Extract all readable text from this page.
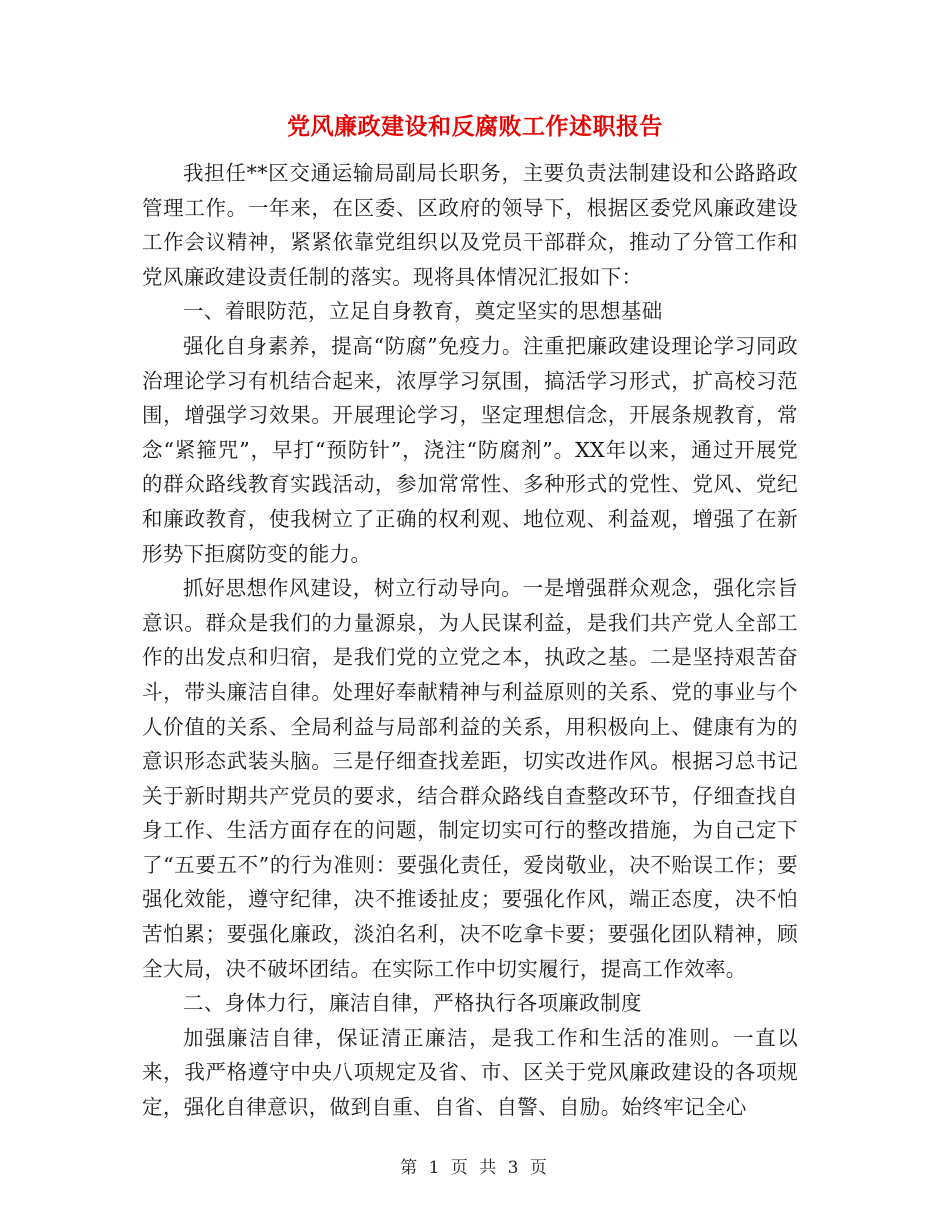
党风廉政建设和反腐败工作述职报告

我担任**区交通运输局副局长职务，主要负责法制建设和公路路政管理工作。一年来，在区委、区政府的领导下，根据区委党风廉政建设工作会议精神，紧紧依靠党组织以及党员干部群众，推动了分管工作和党风廉政建设责任制的落实。现将具体情况汇报如下：

一、着眼防范，立足自身教育，奠定坚实的思想基础

强化自身素养，提高“防腐”免疫力。注重把廉政建设理论学习同政治理论学习有机结合起来，浓厚学习氛围，搞活学习形式，扩高校习范围，增强学习效果。开展理论学习，坚定理想信念，开展条规教育，常念“紧箍咒”，早打“预防针”，浇注“防腐剂”。XX年以来，通过开展党的群众路线教育实践活动，参加常常性、多种形式的党性、党风、党纪和廉政教育，使我树立了正确的权利观、地位观、利益观，增强了在新形势下拒腐防变的能力。

抓好思想作风建设，树立行动导向。一是增强群众观念，强化宗旨意识。群众是我们的力量源泉，为人民谋利益，是我们共产党人全部工作的出发点和归宿，是我们党的立党之本，执政之基。二是坚持艰苦奋斗，带头廉洁自律。处理好奉献精神与利益原则的关系、党的事业与个人价值的关系、全局利益与局部利益的关系，用积极向上、健康有为的意识形态武装头脑。三是仔细查找差距，切实改进作风。根据习总书记关于新时期共产党员的要求，结合群众路线自查整改环节，仔细查找自身工作、生活方面存在的问题，制定切实可行的整改措施，为自己定下了“五要五不”的行为准则：要强化责任，爱岗敬业，决不贻误工作；要强化效能，遵守纪律，决不推诿扯皮；要强化作风，端正态度，决不怕苦怕累；要强化廉政，淡泊名利，决不吃拿卡要；要强化团队精神，顾全大局，决不破坏团结。在实际工作中切实履行，提高工作效率。

二、身体力行，廉洁自律，严格执行各项廉政制度

加强廉洁自律，保证清正廉洁，是我工作和生活的准则。一直以来，我严格遵守中央八项规定及省、市、区关于党风廉政建设的各项规定，强化自律意识，做到自重、自省、自警、自励。始终牢记全心

第 1 页 共 3 页
